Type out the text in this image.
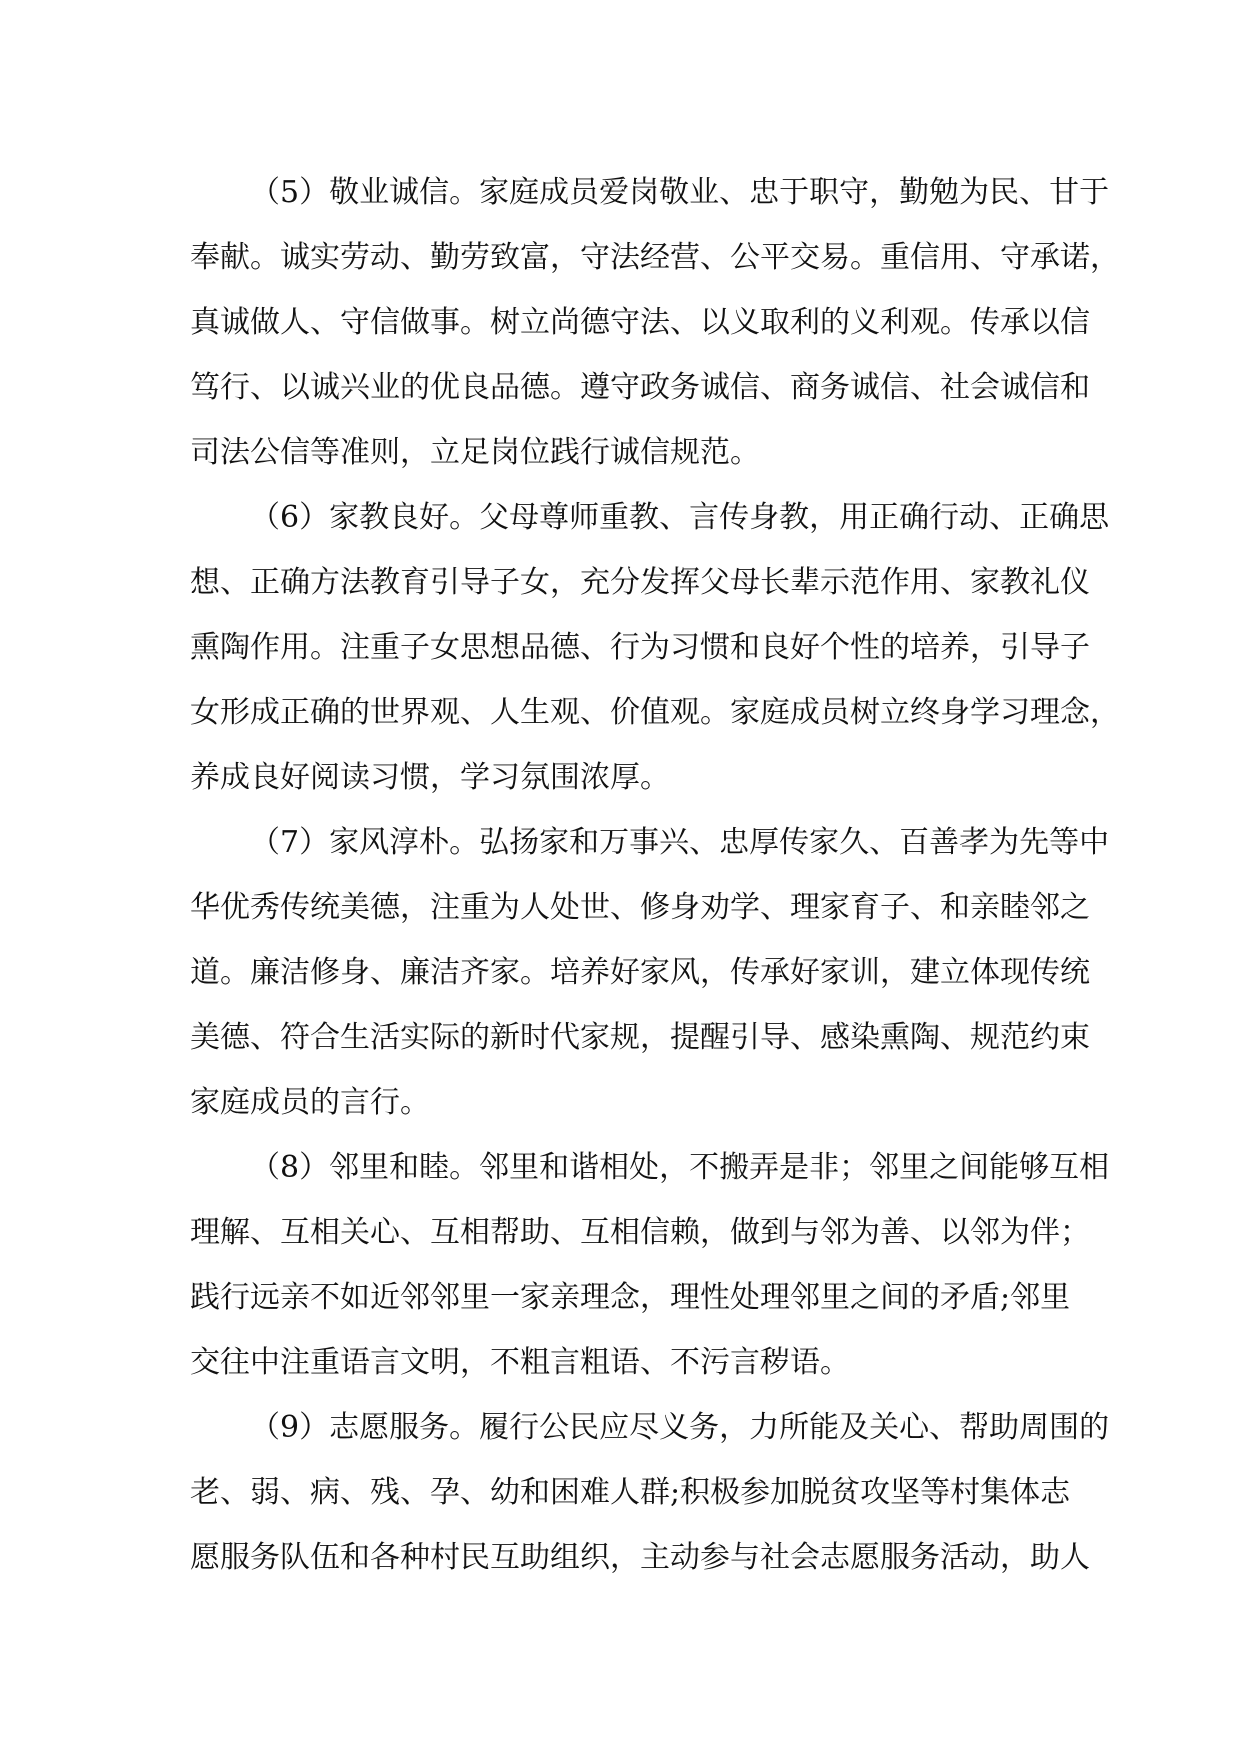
（5）敬业诚信。家庭成员爱岗敬业、忠于职守，勤勉为民、甘于
奉献。诚实劳动、勤劳致富，守法经营、公平交易。重信用、守承诺，
真诚做人、守信做事。树立尚德守法、以义取利的义利观。传承以信
笃行、以诚兴业的优良品德。遵守政务诚信、商务诚信、社会诚信和
司法公信等准则，立足岗位践行诚信规范。
（6）家教良好。父母尊师重教、言传身教，用正确行动、正确思
想、正确方法教育引导子女，充分发挥父母长辈示范作用、家教礼仪
熏陶作用。注重子女思想品德、行为习惯和良好个性的培养，引导子
女形成正确的世界观、人生观、价值观。家庭成员树立终身学习理念，
养成良好阅读习惯，学习氛围浓厚。
（7）家风淳朴。弘扬家和万事兴、忠厚传家久、百善孝为先等中
华优秀传统美德，注重为人处世、修身劝学、理家育子、和亲睦邻之
道。廉洁修身、廉洁齐家。培养好家风，传承好家训，建立体现传统
美德、符合生活实际的新时代家规，提醒引导、感染熏陶、规范约束
家庭成员的言行。
（8）邻里和睦。邻里和谐相处，不搬弄是非；邻里之间能够互相
理解、互相关心、互相帮助、互相信赖，做到与邻为善、以邻为伴；
践行远亲不如近邻邻里一家亲理念，理性处理邻里之间的矛盾;邻里
交往中注重语言文明，不粗言粗语、不污言秽语。
（9）志愿服务。履行公民应尽义务，力所能及关心、帮助周围的
老、弱、病、残、孕、幼和困难人群;积极参加脱贫攻坚等村集体志
愿服务队伍和各种村民互助组织，主动参与社会志愿服务活动，助人
